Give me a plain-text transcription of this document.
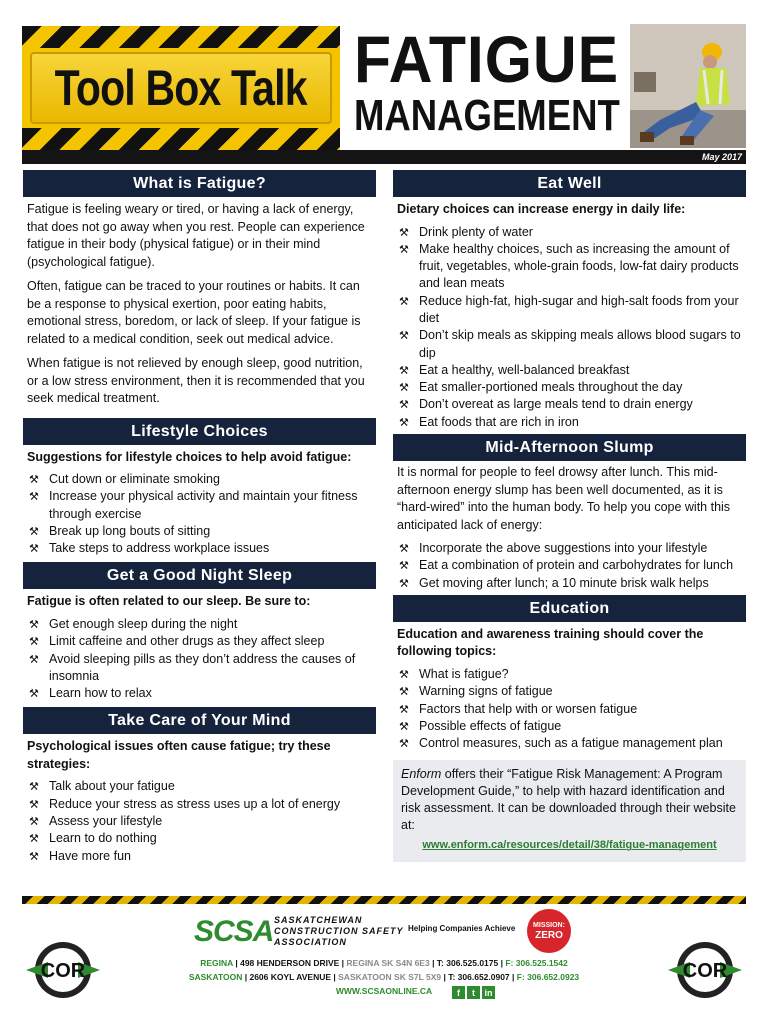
Tool Box Talk FATIGUE
MANAGEMENT
May 2017
What is Fatigue?

Fatigue is feeling weary or tired, or having a lack of energy, that does not go away when you rest. People can experience fatigue in their body (physical fatigue) or in their mind (psychological fatigue).

Often, fatigue can be traced to your routines or habits. It can be a response to physical exertion, poor eating habits, emotional stress, boredom, or lack of sleep. If your fatigue is related to a medical condition, seek out medical advice.

When fatigue is not relieved by enough sleep, good nutrition, or a low stress environment, then it is recommended that you seek medical treatment.

Lifestyle Choices

Suggestions for lifestyle choices to help avoid fatigue:

⚒ Cut down or eliminate smoking
⚒ Increase your physical activity and maintain your fitness through exercise
⚒ Break up long bouts of sitting
⚒ Take steps to address workplace issues
Get a Good Night Sleep

Fatigue is often related to our sleep. Be sure to:

⚒ Get enough sleep during the night
⚒ Limit caffeine and other drugs as they affect sleep
⚒ Avoid sleeping pills as they don’t address the causes of insomnia
⚒ Learn how to relax
Take Care of Your Mind

Psychological issues often cause fatigue; try these strategies:

⚒ Talk about your fatigue
⚒ Reduce your stress as stress uses up a lot of energy
⚒ Assess your lifestyle
⚒ Learn to do nothing
⚒ Have more fun
Eat Well

Dietary choices can increase energy in daily life:

⚒ Drink plenty of water
⚒ Make healthy choices, such as increasing the amount of fruit, vegetables, whole-grain foods, low-fat dairy products and lean meats
⚒ Reduce high-fat, high-sugar and high-salt foods from your diet
⚒ Don’t skip meals as skipping meals allows blood sugars to dip
⚒ Eat a healthy, well-balanced breakfast
⚒ Eat smaller-portioned meals throughout the day
⚒ Don’t overeat as large meals tend to drain energy
⚒ Eat foods that are rich in iron
Mid-Afternoon Slump

It is normal for people to feel drowsy after lunch. This mid-afternoon energy slump has been well documented, as it is “hard-wired” into the human body. To help you cope with this anticipated lack of energy:

⚒ Incorporate the above suggestions into your lifestyle
⚒ Eat a combination of protein and carbohydrates for lunch
⚒ Get moving after lunch; a 10 minute brisk walk helps
Education

Education and awareness training should cover the following topics:

⚒ What is fatigue?
⚒ Warning signs of fatigue
⚒ Factors that help with or worsen fatigue
⚒ Possible effects of fatigue
⚒ Control measures, such as a fatigue management plan

Enform offers their “Fatigue Risk Management: A Program Development Guide,” to help with hazard identification and risk assessment. It can be downloaded through their website at:

www.enform.ca/resources/detail/38/fatigue-management

COR	COR
SCSA SASKATCHEWAN CONSTRUCTION SAFETY ASSOCIATION
Helping Companies Achieve	MISSION:
ZERO
REGINA | 498 HENDERSON DRIVE | REGINA SK S4N 6E3 | T: 306.525.0175 | F: 306.525.1542
SASKATOON | 2606 KOYL AVENUE | SASKATOON SK S7L 5X9 | T: 306.652.0907 | F: 306.652.0923
WWW.SCSAONLINE.CA	f	t	in
